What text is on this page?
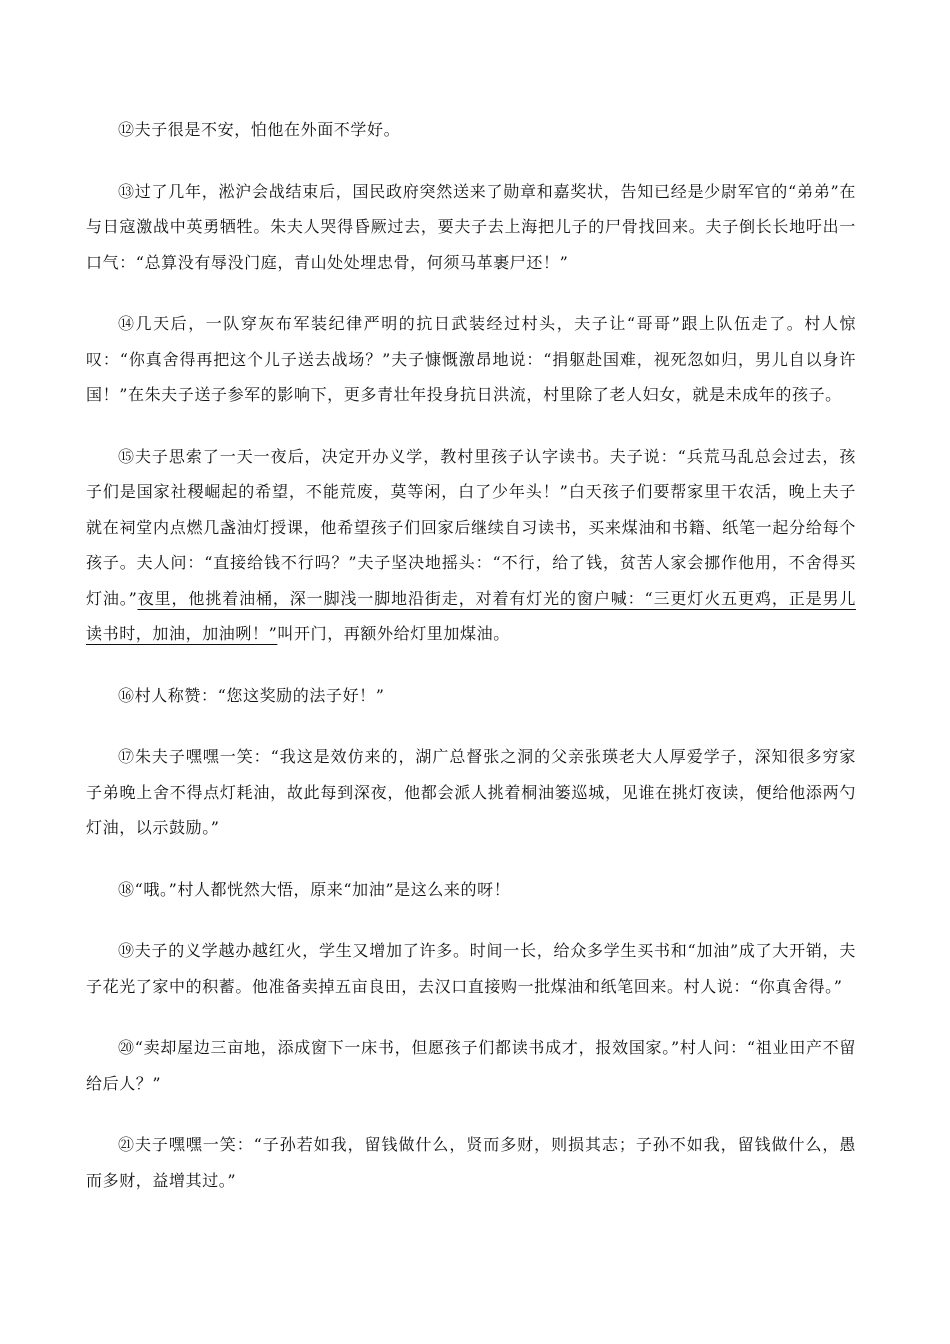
⑫夫子很是不安，怕他在外面不学好。

⑬过了几年，淞沪会战结束后，国民政府突然送来了勋章和嘉奖状，告知已经是少尉军官的“弟弟”在与日寇激战中英勇牺牲。朱夫人哭得昏厥过去，要夫子去上海把儿子的尸骨找回来。夫子倒长长地吁出一口气：“总算没有辱没门庭，青山处处埋忠骨，何须马革裹尸还！”

⑭几天后，一队穿灰布军装纪律严明的抗日武装经过村头，夫子让“哥哥”跟上队伍走了。村人惊叹：“你真舍得再把这个儿子送去战场？”夫子慷慨激昂地说：“捐躯赴国难，视死忽如归，男儿自以身许国！”在朱夫子送子参军的影响下，更多青壮年投身抗日洪流，村里除了老人妇女，就是未成年的孩子。

⑮夫子思索了一天一夜后，决定开办义学，教村里孩子认字读书。夫子说：“兵荒马乱总会过去，孩子们是国家社稷崛起的希望，不能荒废，莫等闲，白了少年头！”白天孩子们要帮家里干农活，晚上夫子就在祠堂内点燃几盏油灯授课，他希望孩子们回家后继续自习读书，买来煤油和书籍、纸笔一起分给每个孩子。夫人问：“直接给钱不行吗？”夫子坚决地摇头：“不行，给了钱，贫苦人家会挪作他用，不舍得买灯油。”夜里，他挑着油桶，深一脚浅一脚地沿街走，对着有灯光的窗户喊：“三更灯火五更鸡，正是男儿读书时，加油，加油咧！”叫开门，再额外给灯里加煤油。

⑯村人称赞：“您这奖励的法子好！”

⑰朱夫子嘿嘿一笑：“我这是效仿来的，湖广总督张之洞的父亲张瑛老大人厚爱学子，深知很多穷家子弟晚上舍不得点灯耗油，故此每到深夜，他都会派人挑着桐油篓巡城，见谁在挑灯夜读，便给他添两勺灯油，以示鼓励。”

⑱“哦。”村人都恍然大悟，原来“加油”是这么来的呀！

⑲夫子的义学越办越红火，学生又增加了许多。时间一长，给众多学生买书和“加油”成了大开销，夫子花光了家中的积蓄。他准备卖掉五亩良田，去汉口直接购一批煤油和纸笔回来。村人说：“你真舍得。”

⑳“卖却屋边三亩地，添成窗下一床书，但愿孩子们都读书成才，报效国家。”村人问：“祖业田产不留给后人？”

㉑夫子嘿嘿一笑：“子孙若如我，留钱做什么，贤而多财，则损其志；子孙不如我，留钱做什么，愚而多财，益增其过。”
